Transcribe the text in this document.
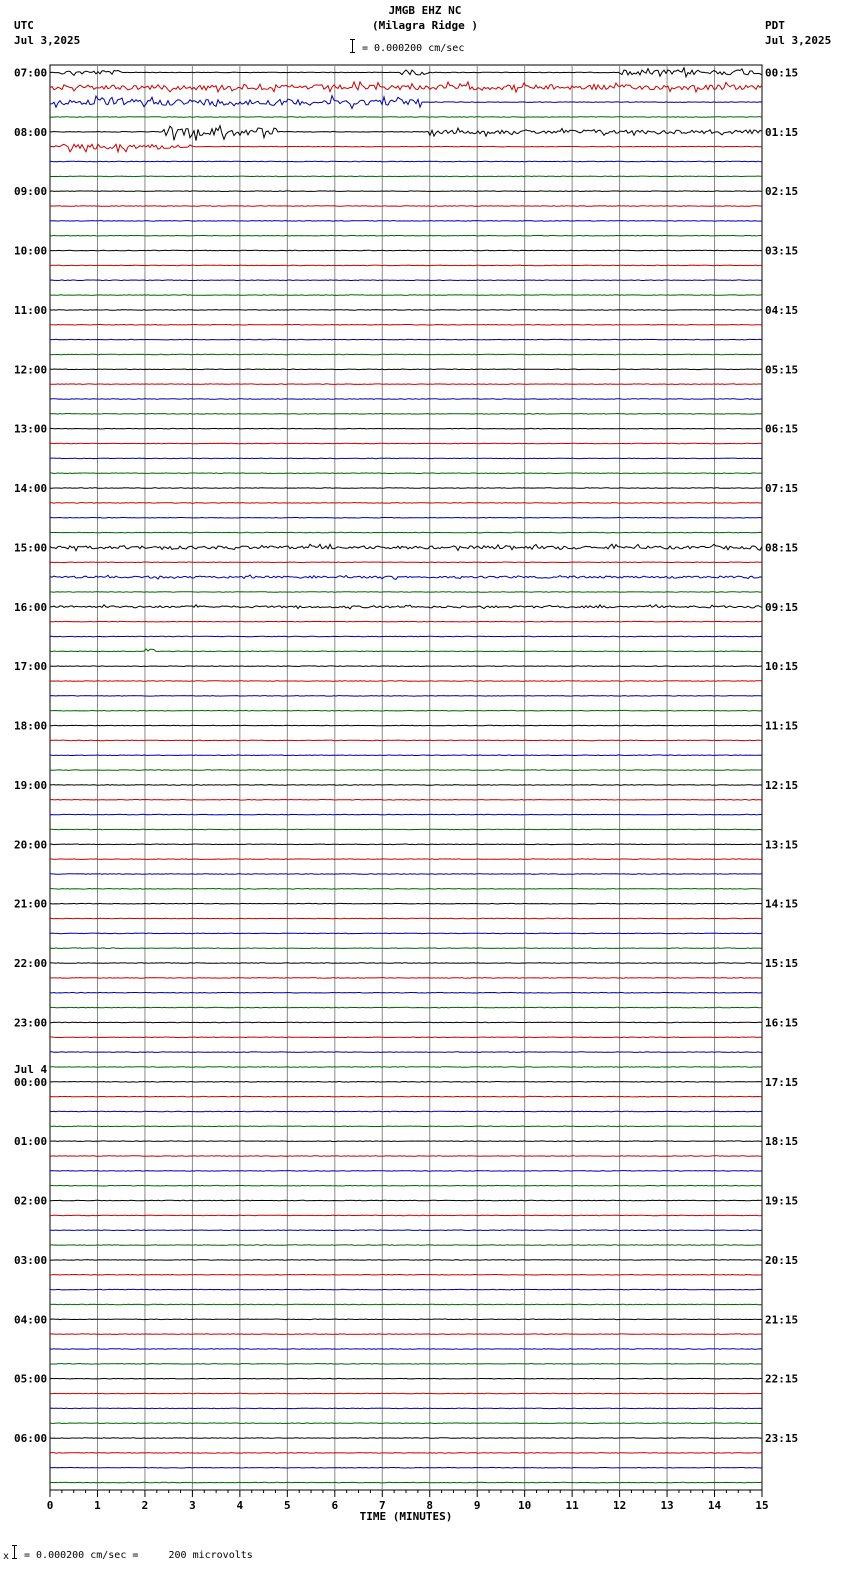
JMGB EHZ NC
(Milagra Ridge )
UTC
Jul 3,2025
PDT
Jul 3,2025
= 0.000200 cm/sec
07:00
08:00
09:00
10:00
11:00
12:00
13:00
14:00
15:00
16:00
17:00
18:00
19:00
20:00
21:00
22:00
23:00
00:00
Jul 4
01:00
02:00
03:00
04:00
05:00
06:00
00:15
01:15
02:15
03:15
04:15
05:15
06:15
07:15
08:15
09:15
10:15
11:15
12:15
13:15
14:15
15:15
16:15
17:15
18:15
19:15
20:15
21:15
22:15
23:15
0	1	2	3	4	5	6	7	8	9	10	11	12	13	14	15
TIME (MINUTES)
x = 0.000200 cm/sec =     200 microvolts
